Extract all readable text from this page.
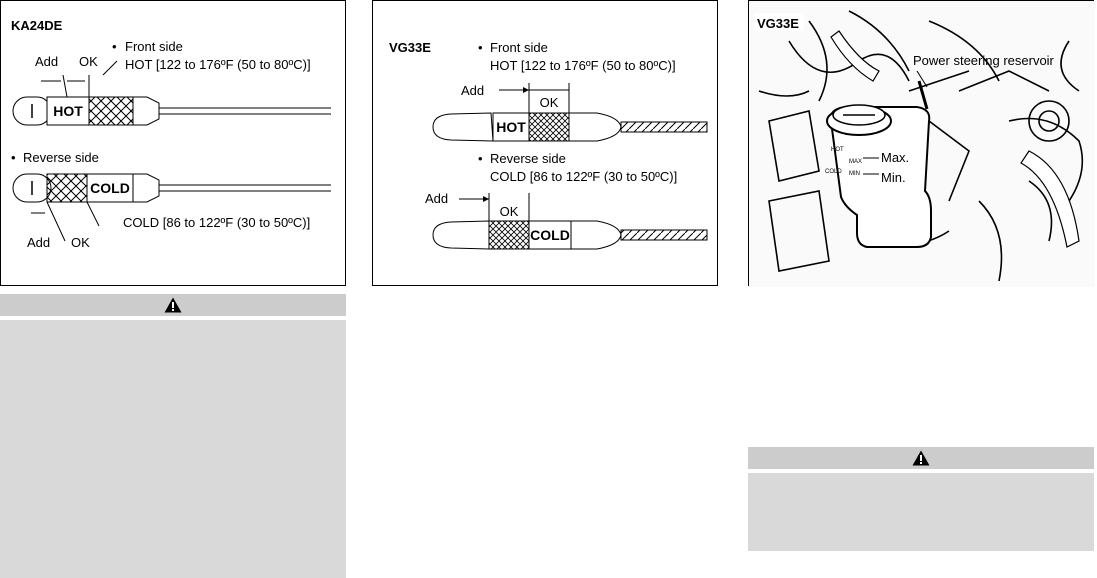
KA24DE
Add OK
• Front side
HOT [122 to 176ºF (50 to 80ºC)]
HOT
• Reverse side
COLD
COLD [86 to 122ºF (30 to 50ºC)]
Add OK
VG33E	• Front side
HOT [122 to 176ºF (50 to 80ºC)]
Add
OK
HOT
• Reverse side
COLD [86 to 122ºF (30 to 50ºC)]
Add
OK
COLD
Power steering reservoir
HOT
COLD
MAX
MIN
Max.
Min.
VG33E
